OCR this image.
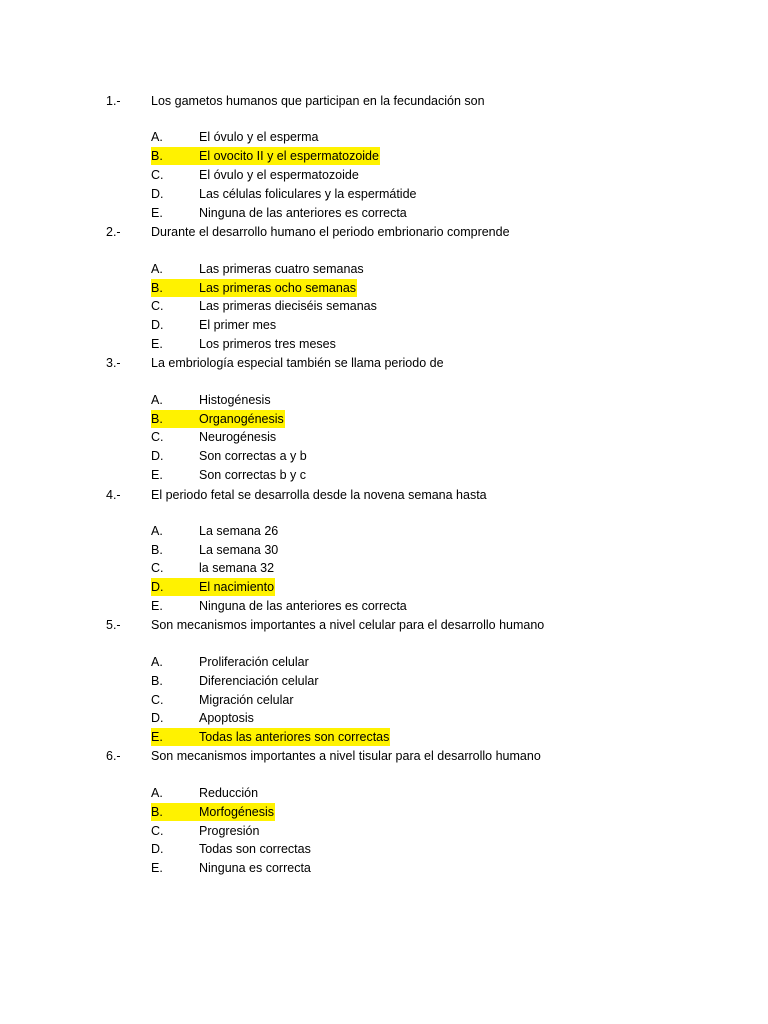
1.- Los gametos humanos que participan en la fecundación son
A.	El óvulo y el esperma
B.	El ovocito II y el espermatozoide
C.	El óvulo y el espermatozoide
D.	Las células foliculares y la espermátide
E.	Ninguna de las anteriores es correcta
2.- Durante el desarrollo humano el periodo embrionario comprende
A.	Las primeras cuatro semanas
B.	Las primeras ocho semanas
C.	Las primeras dieciséis semanas
D.	El primer mes
E.	Los primeros tres meses
3.- La embriología especial también se llama periodo de
A.	Histogénesis
B.	Organogénesis
C.	Neurogénesis
D.	Son correctas a y b
E.	Son correctas b y c
4.- El periodo fetal se desarrolla desde la novena semana hasta
A.	La semana 26
B.	La semana 30
C.	la semana 32
D.	El nacimiento
E.	Ninguna de las anteriores es correcta
5.- Son mecanismos importantes a nivel celular para el desarrollo humano
A.	Proliferación celular
B.	Diferenciación celular
C.	Migración celular
D.	Apoptosis
E.	Todas las anteriores son correctas
6.- Son mecanismos importantes a nivel tisular para el desarrollo humano
A.	Reducción
B.	Morfogénesis
C.	Progresión
D.	Todas son correctas
E.	Ninguna es correcta
